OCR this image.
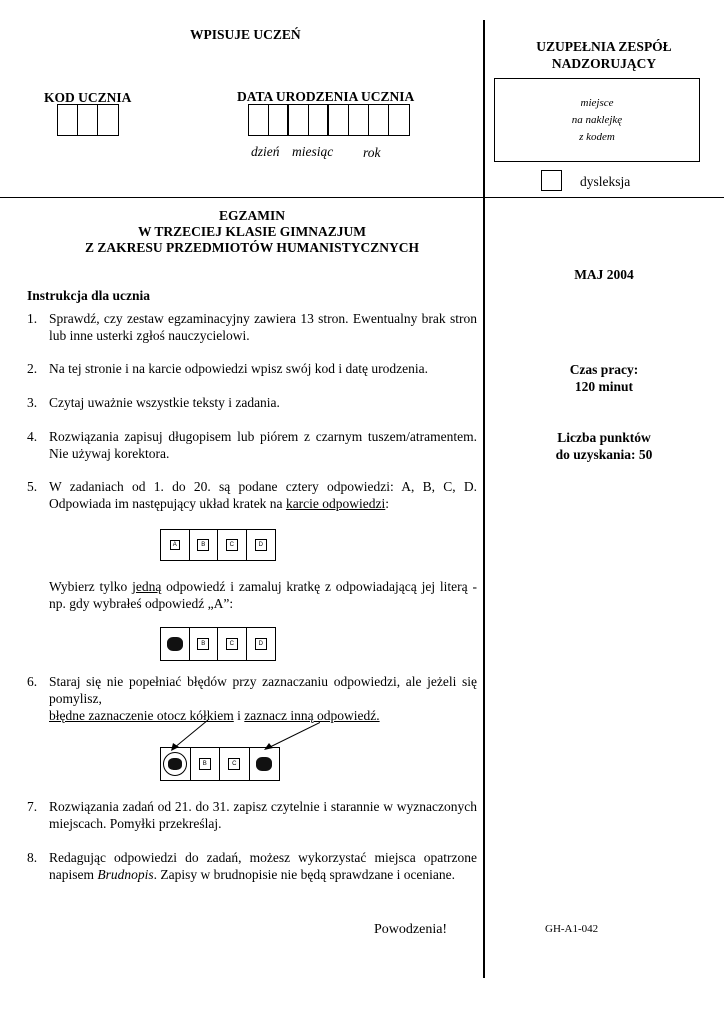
WPISUJE UCZEŃ
KOD UCZNIA	DATA URODZENIA UCZNIA
dzień miesiąc rok
UZUPEŁNIA ZESPÓŁ
NADZORUJĄCY
miejsce
na naklejkę
z kodem
dysleksja
EGZAMIN
W TRZECIEJ KLASIE GIMNAZJUM
Z ZAKRESU PRZEDMIOTÓW HUMANISTYCZNYCH
MAJ 2004
Czas pracy:
120 minut
Liczba punktów
do uzyskania: 50
GH-A1-042
Instrukcja dla ucznia
1. Sprawdź, czy zestaw egzaminacyjny zawiera 13 stron. Ewentualny brak stron lub inne usterki zgłoś nauczycielowi.
2. Na tej stronie i na karcie odpowiedzi wpisz swój kod i datę urodzenia.
3. Czytaj uważnie wszystkie teksty i zadania.
4. Rozwiązania zapisuj długopisem lub piórem z czarnym tuszem/atramentem. Nie używaj korektora.
5. W zadaniach od 1. do 20. są podane cztery odpowiedzi: A, B, C, D. Odpowiada im następujący układ kratek na karcie odpowiedzi:
A	B	C	D
Wybierz tylko jedną odpowiedź i zamaluj kratkę z odpowiadającą jej literą - np. gdy wybrałeś odpowiedź „A”:
B	C	D
6. Staraj się nie popełniać błędów przy zaznaczaniu odpowiedzi, ale jeżeli się pomylisz,
błędne zaznaczenie otocz kółkiem i zaznacz inną odpowiedź.
B	C
7. Rozwiązania zadań od 21. do 31. zapisz czytelnie i starannie w wyznaczonych miejscach. Pomyłki przekreślaj.
8. Redagując odpowiedzi do zadań, możesz wykorzystać miejsca opatrzone napisem Brudnopis. Zapisy w brudnopisie nie będą sprawdzane i oceniane.
Powodzenia!
